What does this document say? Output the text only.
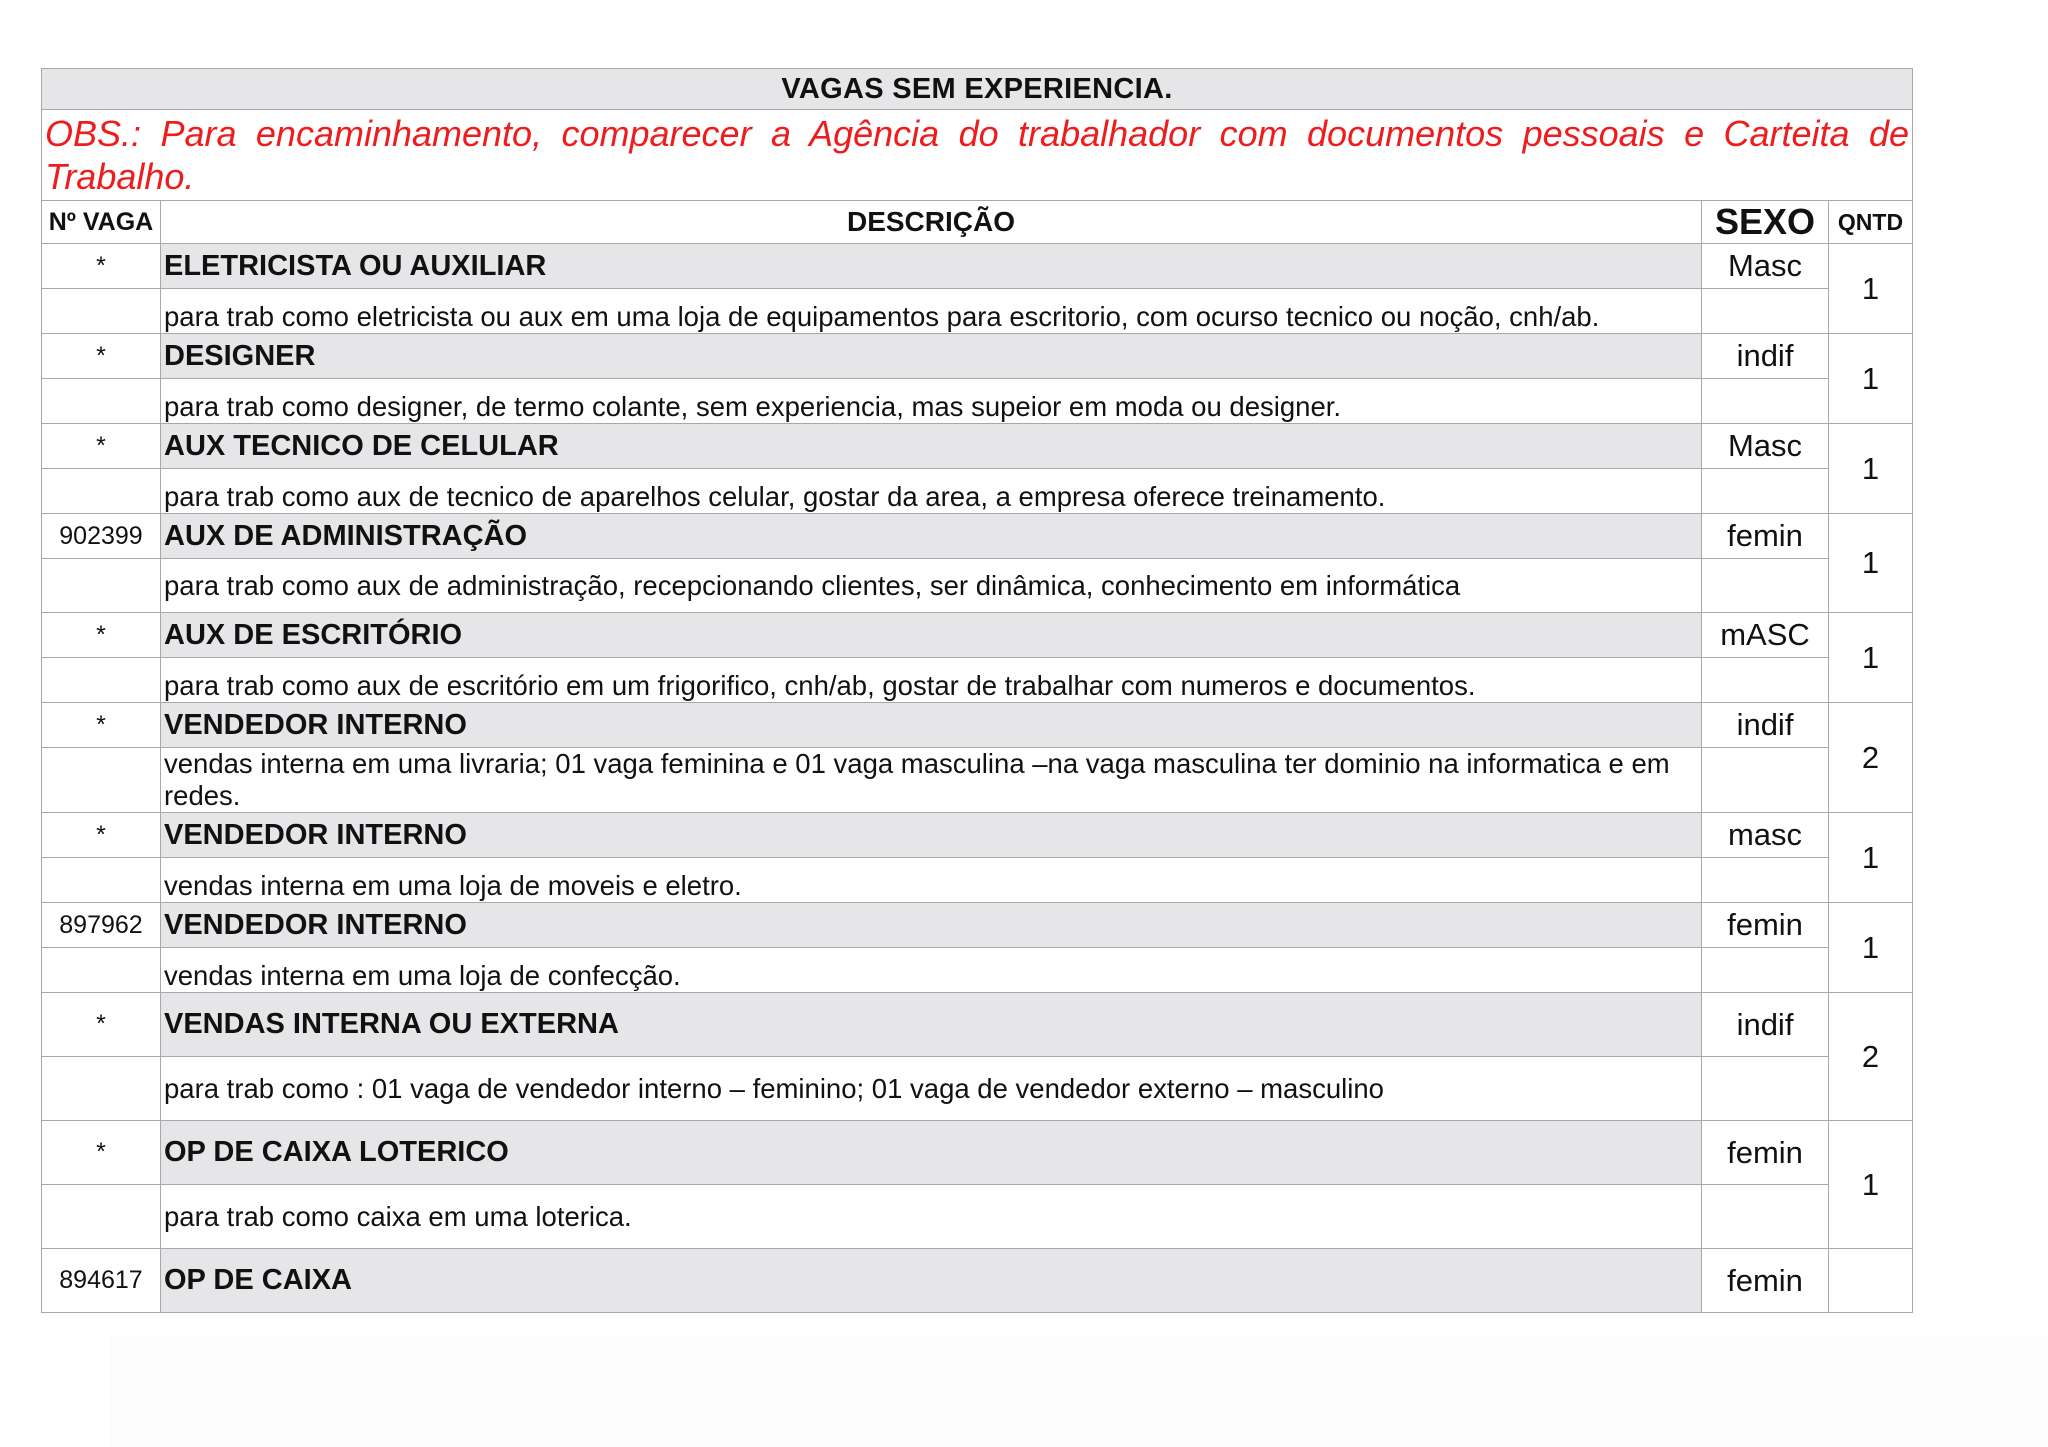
VAGAS SEM EXPERIENCIA.			
OBS.: Para encaminhamento, comparecer a Agência do trabalhador com documentos pessoais e Carteita de Trabalho.			
Nº VAGA	DESCRIÇÃO	SEXO	QNTD
*	ELETRICISTA OU AUXILIAR	Masc	1
	para trab como eletricista ou aux em uma loja de equipamentos para escritorio, com ocurso tecnico ou noção, cnh/ab.		
*	DESIGNER	indif	1
	para trab como designer, de termo colante, sem experiencia, mas supeior em moda ou designer.		
*	AUX TECNICO DE CELULAR	Masc	1
	para trab como aux de tecnico de aparelhos celular, gostar da area, a empresa oferece treinamento.		
902399	AUX DE ADMINISTRAÇÃO	femin	1
	para trab como aux de administração, recepcionando clientes, ser dinâmica, conhecimento em informática		
*	AUX DE ESCRITÓRIO	mASC	1
	para trab como aux de escritório em um frigorifico, cnh/ab, gostar de trabalhar com numeros e documentos.		
*	VENDEDOR INTERNO	indif	2
	vendas interna em uma livraria; 01 vaga feminina e 01 vaga masculina –na vaga masculina ter dominio na informatica e em redes.		
*	VENDEDOR INTERNO	masc	1
	vendas interna em uma loja de moveis e eletro.		
897962	VENDEDOR INTERNO	femin	1
	vendas interna em uma loja de confecção.		
*	VENDAS INTERNA OU EXTERNA	indif	2
	para trab como : 01 vaga de vendedor interno – feminino; 01 vaga de vendedor externo – masculino		
*	OP DE CAIXA LOTERICO	femin	1
	para trab como caixa em uma loterica.		
894617	OP DE CAIXA	femin	
